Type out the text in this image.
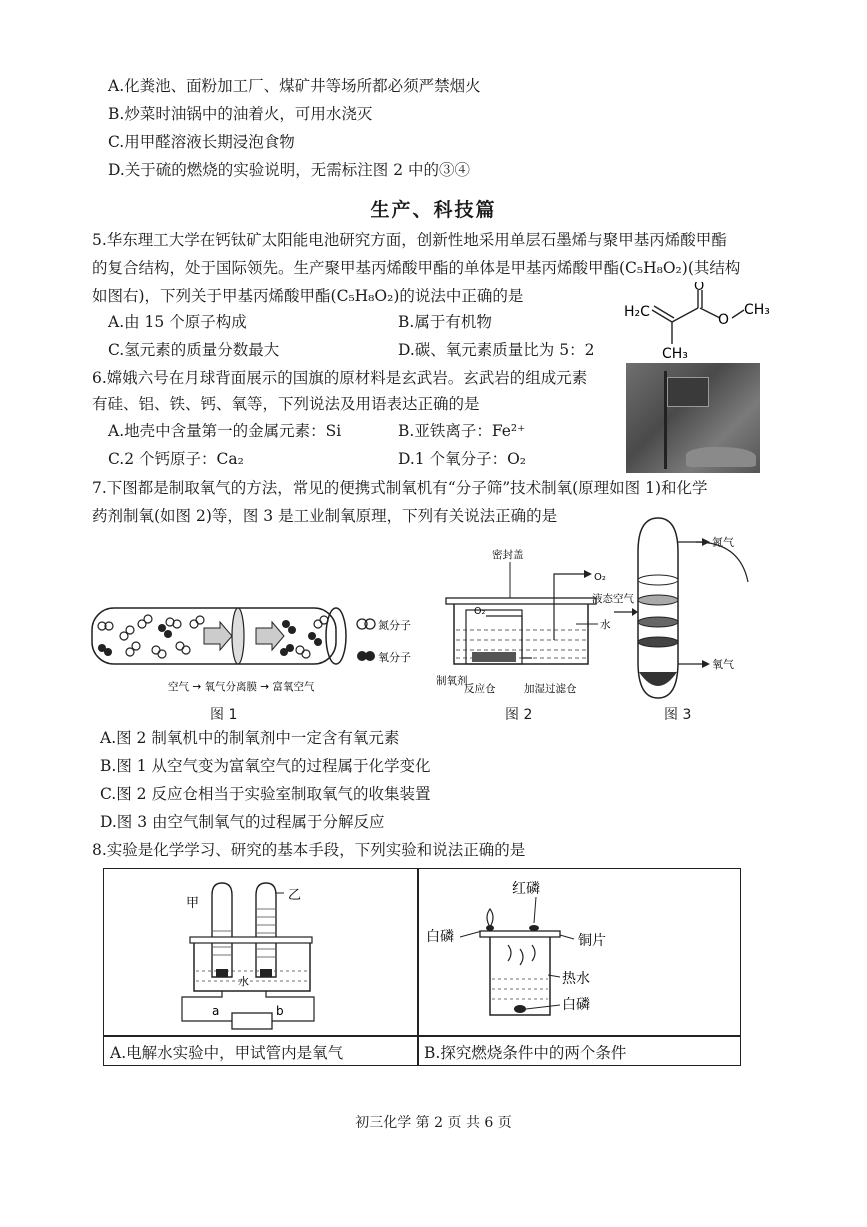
A.化粪池、面粉加工厂、煤矿井等场所都必须严禁烟火
B.炒菜时油锅中的油着火，可用水浇灭
C.用甲醛溶液长期浸泡食物
D.关于硫的燃烧的实验说明，无需标注图 2 中的③④
生产、科技篇
5.华东理工大学在钙钛矿太阳能电池研究方面，创新性地采用单层石墨烯与聚甲基丙烯酸甲酯
的复合结构，处于国际领先。生产聚甲基丙烯酸甲酯的单体是甲基丙烯酸甲酯(C₅H₈O₂)(其结构
如图右)，下列关于甲基丙烯酸甲酯(C₅H₈O₂)的说法中正确的是
A.由 15 个原子构成	B.属于有机物
C.氢元素的质量分数最大	D.碳、氧元素质量比为 5：2
H₂C
CH₃
O
O
CH₃
6.嫦娥六号在月球背面展示的国旗的原材料是玄武岩。玄武岩的组成元素
有硅、铝、铁、钙、氧等，下列说法及用语表达正确的是
A.地壳中含量第一的金属元素：Si	B.亚铁离子：Fe²⁺
C.2 个钙原子：Ca₂	D.1 个氧分子：O₂
7.下图都是制取氧气的方法，常见的便携式制氧机有“分子筛”技术制氧(原理如图 1)和化学
药剂制氧(如图 2)等，图 3 是工业制氧原理，下列有关说法正确的是
氮分子
氧分子
空气 → 氧气分离膜 → 富氧空气
图 1
密封盖
O₂
O₂
水
制氧剂
反应仓	加湿过滤仓
图 2
氮气
液态空气
氧气
图 3
A.图 2 制氧机中的制氧剂中一定含有氧元素
B.图 1 从空气变为富氧空气的过程属于化学变化
C.图 2 反应仓相当于实验室制取氧气的收集装置
D.图 3 由空气制氧气的过程属于分解反应
8.实验是化学学习、研究的基本手段，下列实验和说法正确的是
甲
乙
水
a	b
A.电解水实验中，甲试管内是氧气
红磷
白磷	铜片
热水
白磷
B.探究燃烧条件中的两个条件
初三化学 第 2 页 共 6 页
